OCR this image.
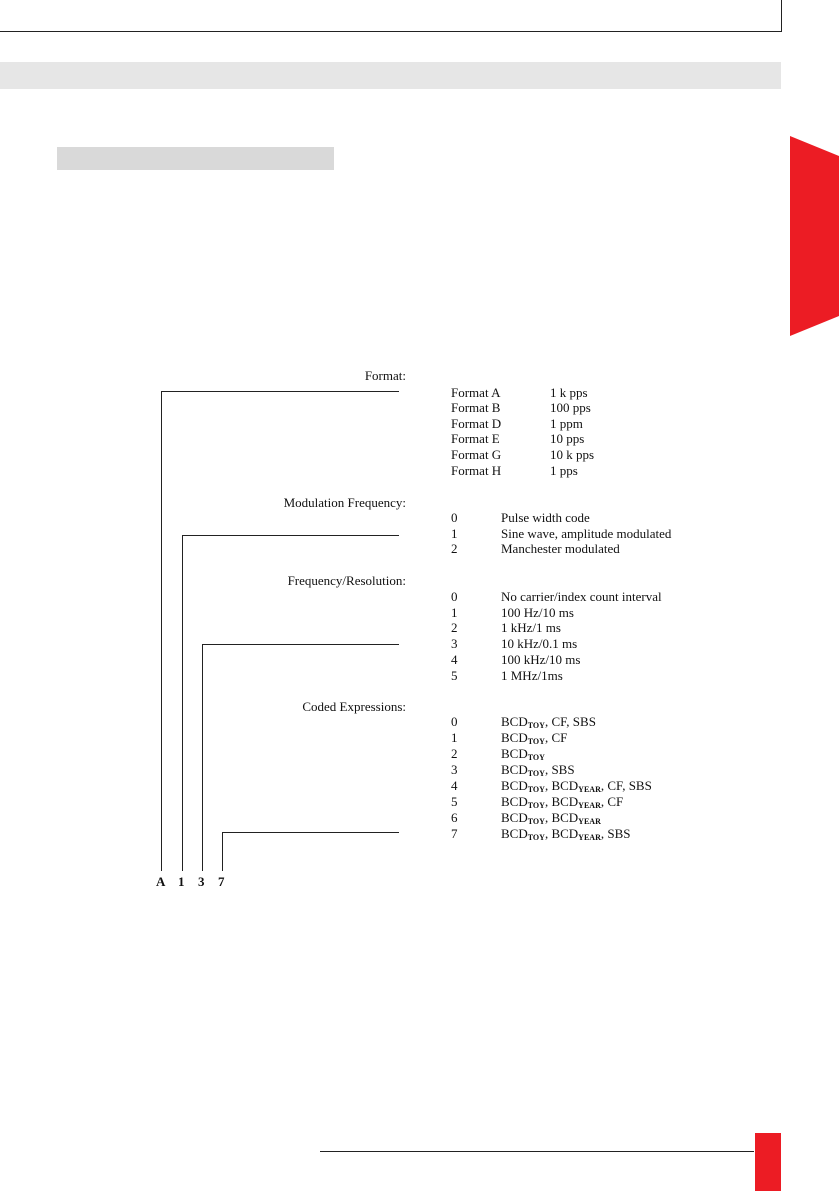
Format:
Format A	1 k pps
Format B	100 pps
Format D	1 ppm
Format E	10 pps
Format G	10 k pps
Format H	1 pps
Modulation Frequency:
0	Pulse width code
1	Sine wave, amplitude modulated
2	Manchester modulated
Frequency/Resolution:
0	No carrier/index count interval
1	100 Hz/10 ms
2	1 kHz/1 ms
3	10 kHz/0.1 ms
4	100 kHz/10 ms
5	1 MHz/1ms
Coded Expressions:
0	$BCD_{TOY}$, CF, SBS
1	$BCD_{TOY}$, CF
2	$BCD_{TOY}$
3	$BCD_{TOY}$, SBS
4	$BCD_{TOY}$, $BCD_{YEAR}$, CF, SBS
5	$BCD_{TOY}$, $BCD_{YEAR}$, CF
6	$BCD_{TOY}$, $BCD_{YEAR}$
7	$BCD_{TOY}$, $BCD_{YEAR}$, SBS
A 1 3 7
